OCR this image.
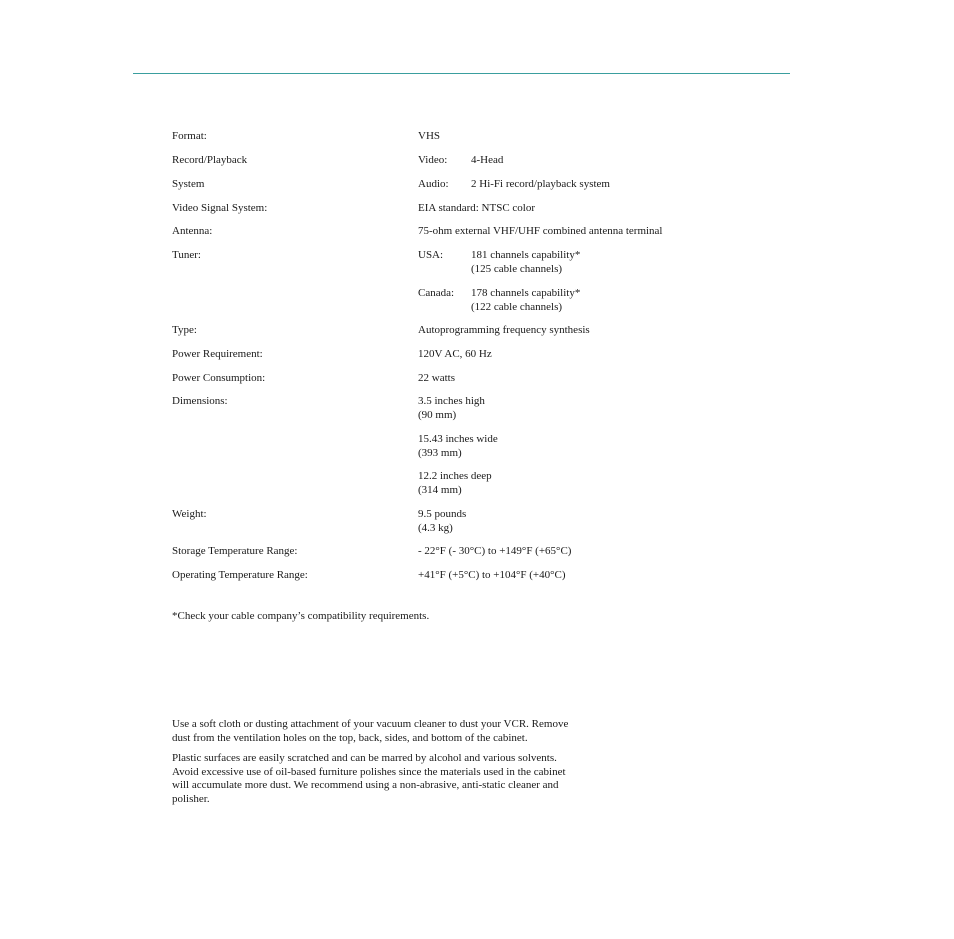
Format:	VHS
Record/Playback	Video: 4-Head
System	Audio: 2 Hi-Fi record/playback system
Video Signal System:	EIA standard: NTSC color
Antenna:	75-ohm external VHF/UHF combined antenna terminal
Tuner:	USA:	181 channels capability*
(125 cable channels)
Canada: 178 channels capability*
(122 cable channels)
Type:	Autoprogramming frequency synthesis
Power Requirement:	120V AC, 60 Hz
Power Consumption:	22 watts
Dimensions:	3.5 inches high
(90 mm)
15.43 inches wide
(393 mm)
12.2 inches deep
(314 mm)
Weight:	9.5 pounds
(4.3 kg)
Storage Temperature Range:	- 22°F (- 30°C) to +149°F (+65°C)
Operating Temperature Range:	+41°F (+5°C) to +104°F (+40°C)
*Check your cable company’s compatibility requirements.
Use a soft cloth or dusting attachment of your vacuum cleaner to dust your VCR. Remove
dust from the ventilation holes on the top, back, sides, and bottom of the cabinet.
Plastic surfaces are easily scratched and can be marred by alcohol and various solvents.
Avoid excessive use of oil-based furniture polishes since the materials used in the cabinet
will accumulate more dust. We recommend using a non-abrasive, anti-static cleaner and
polisher.
